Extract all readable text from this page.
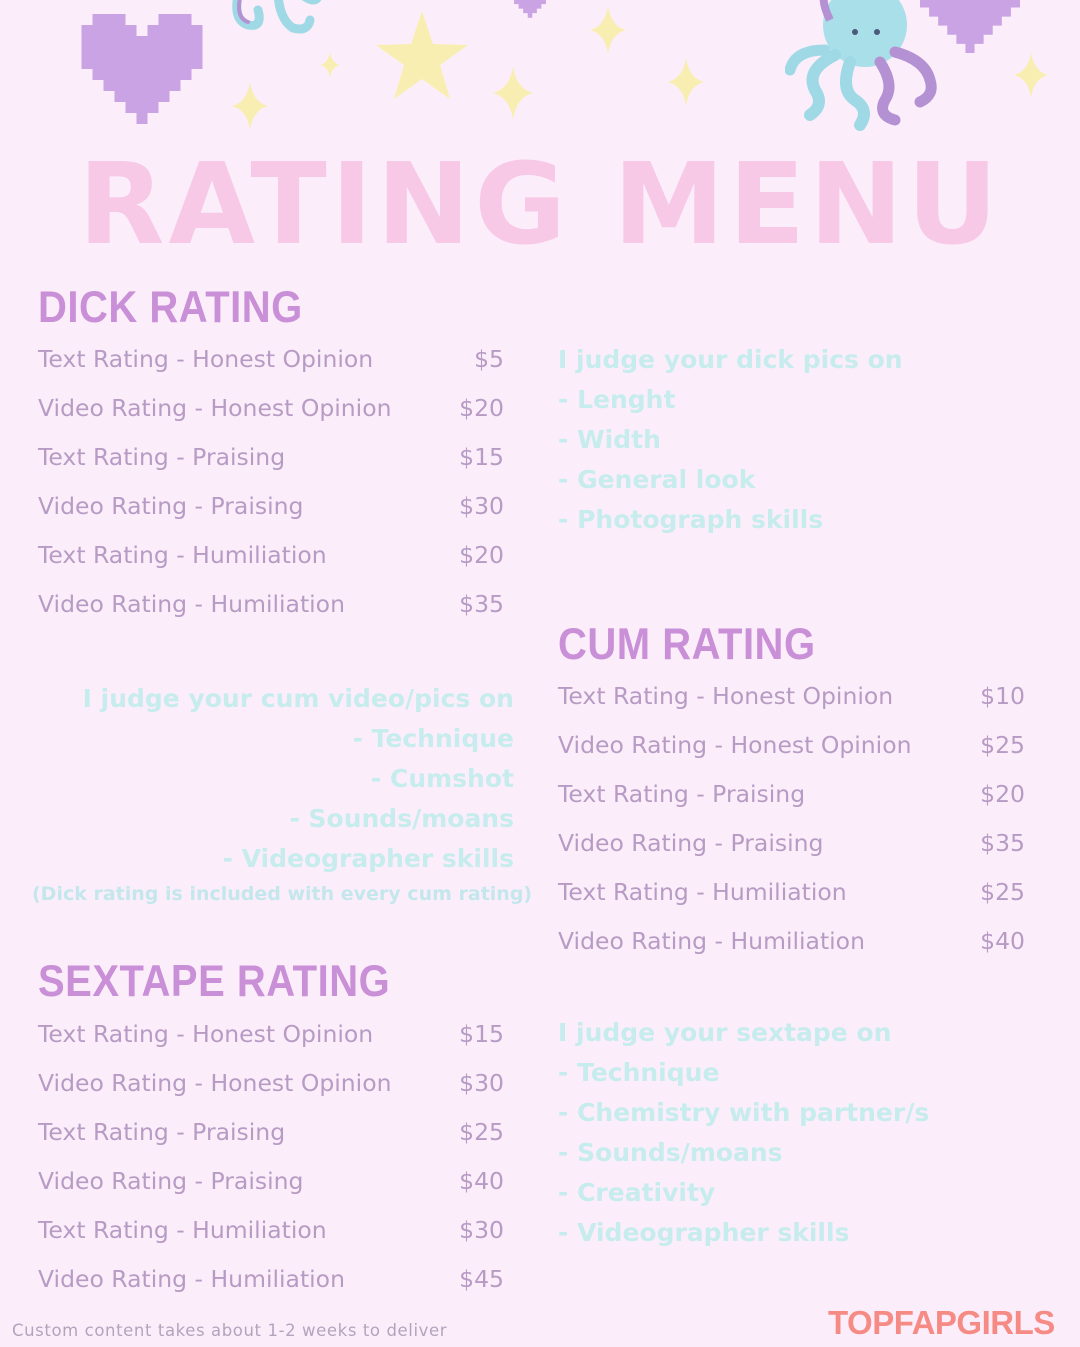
RATING MENU
DICK RATING
Text Rating - Honest Opinion	$5
Video Rating - Honest Opinion	$20
Text Rating - Praising	$15
Video Rating - Praising	$30
Text Rating - Humiliation	$20
Video Rating - Humiliation	$35
I judge your dick pics on
- Lenght
- Width
- General look
- Photograph skills
CUM RATING
Text Rating - Honest Opinion	$10
Video Rating - Honest Opinion	$25
Text Rating - Praising	$20
Video Rating - Praising	$35
Text Rating - Humiliation	$25
Video Rating - Humiliation	$40
I judge your cum video/pics on
- Technique
- Cumshot
- Sounds/moans
- Videographer skills
(Dick rating is included with every cum rating)
SEXTAPE RATING
Text Rating - Honest Opinion	$15
Video Rating - Honest Opinion	$30
Text Rating - Praising	$25
Video Rating - Praising	$40
Text Rating - Humiliation	$30
Video Rating - Humiliation	$45
I judge your sextape on
- Technique
- Chemistry with partner/s
- Sounds/moans
- Creativity
- Videographer skills
Custom content takes about 1-2 weeks to deliver	TOPFAPGIRLS
